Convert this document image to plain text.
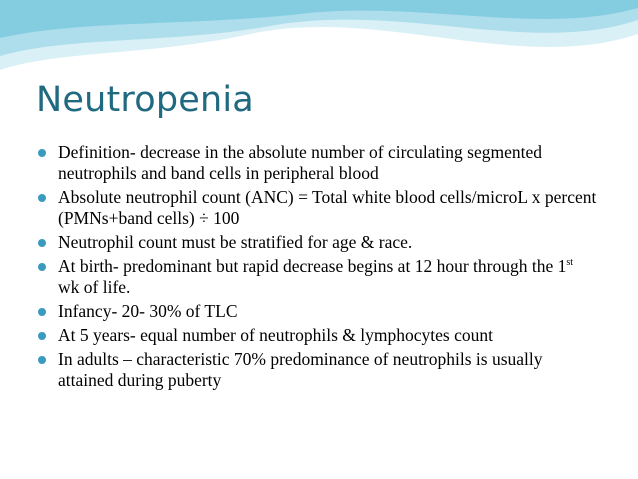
Neutropenia
Definition- decrease in the absolute number of circulating segmented neutrophils and band cells in peripheral blood
Absolute neutrophil count (ANC) = Total white blood cells/microL x percent (PMNs+band cells) ÷ 100
Neutrophil count must be stratified for age & race.
At birth- predominant but rapid decrease begins at 12 hour through the 1st wk of life.
Infancy- 20- 30% of TLC
At 5 years- equal number of neutrophils & lymphocytes count
In adults – characteristic 70% predominance of neutrophils is usually attained during puberty
